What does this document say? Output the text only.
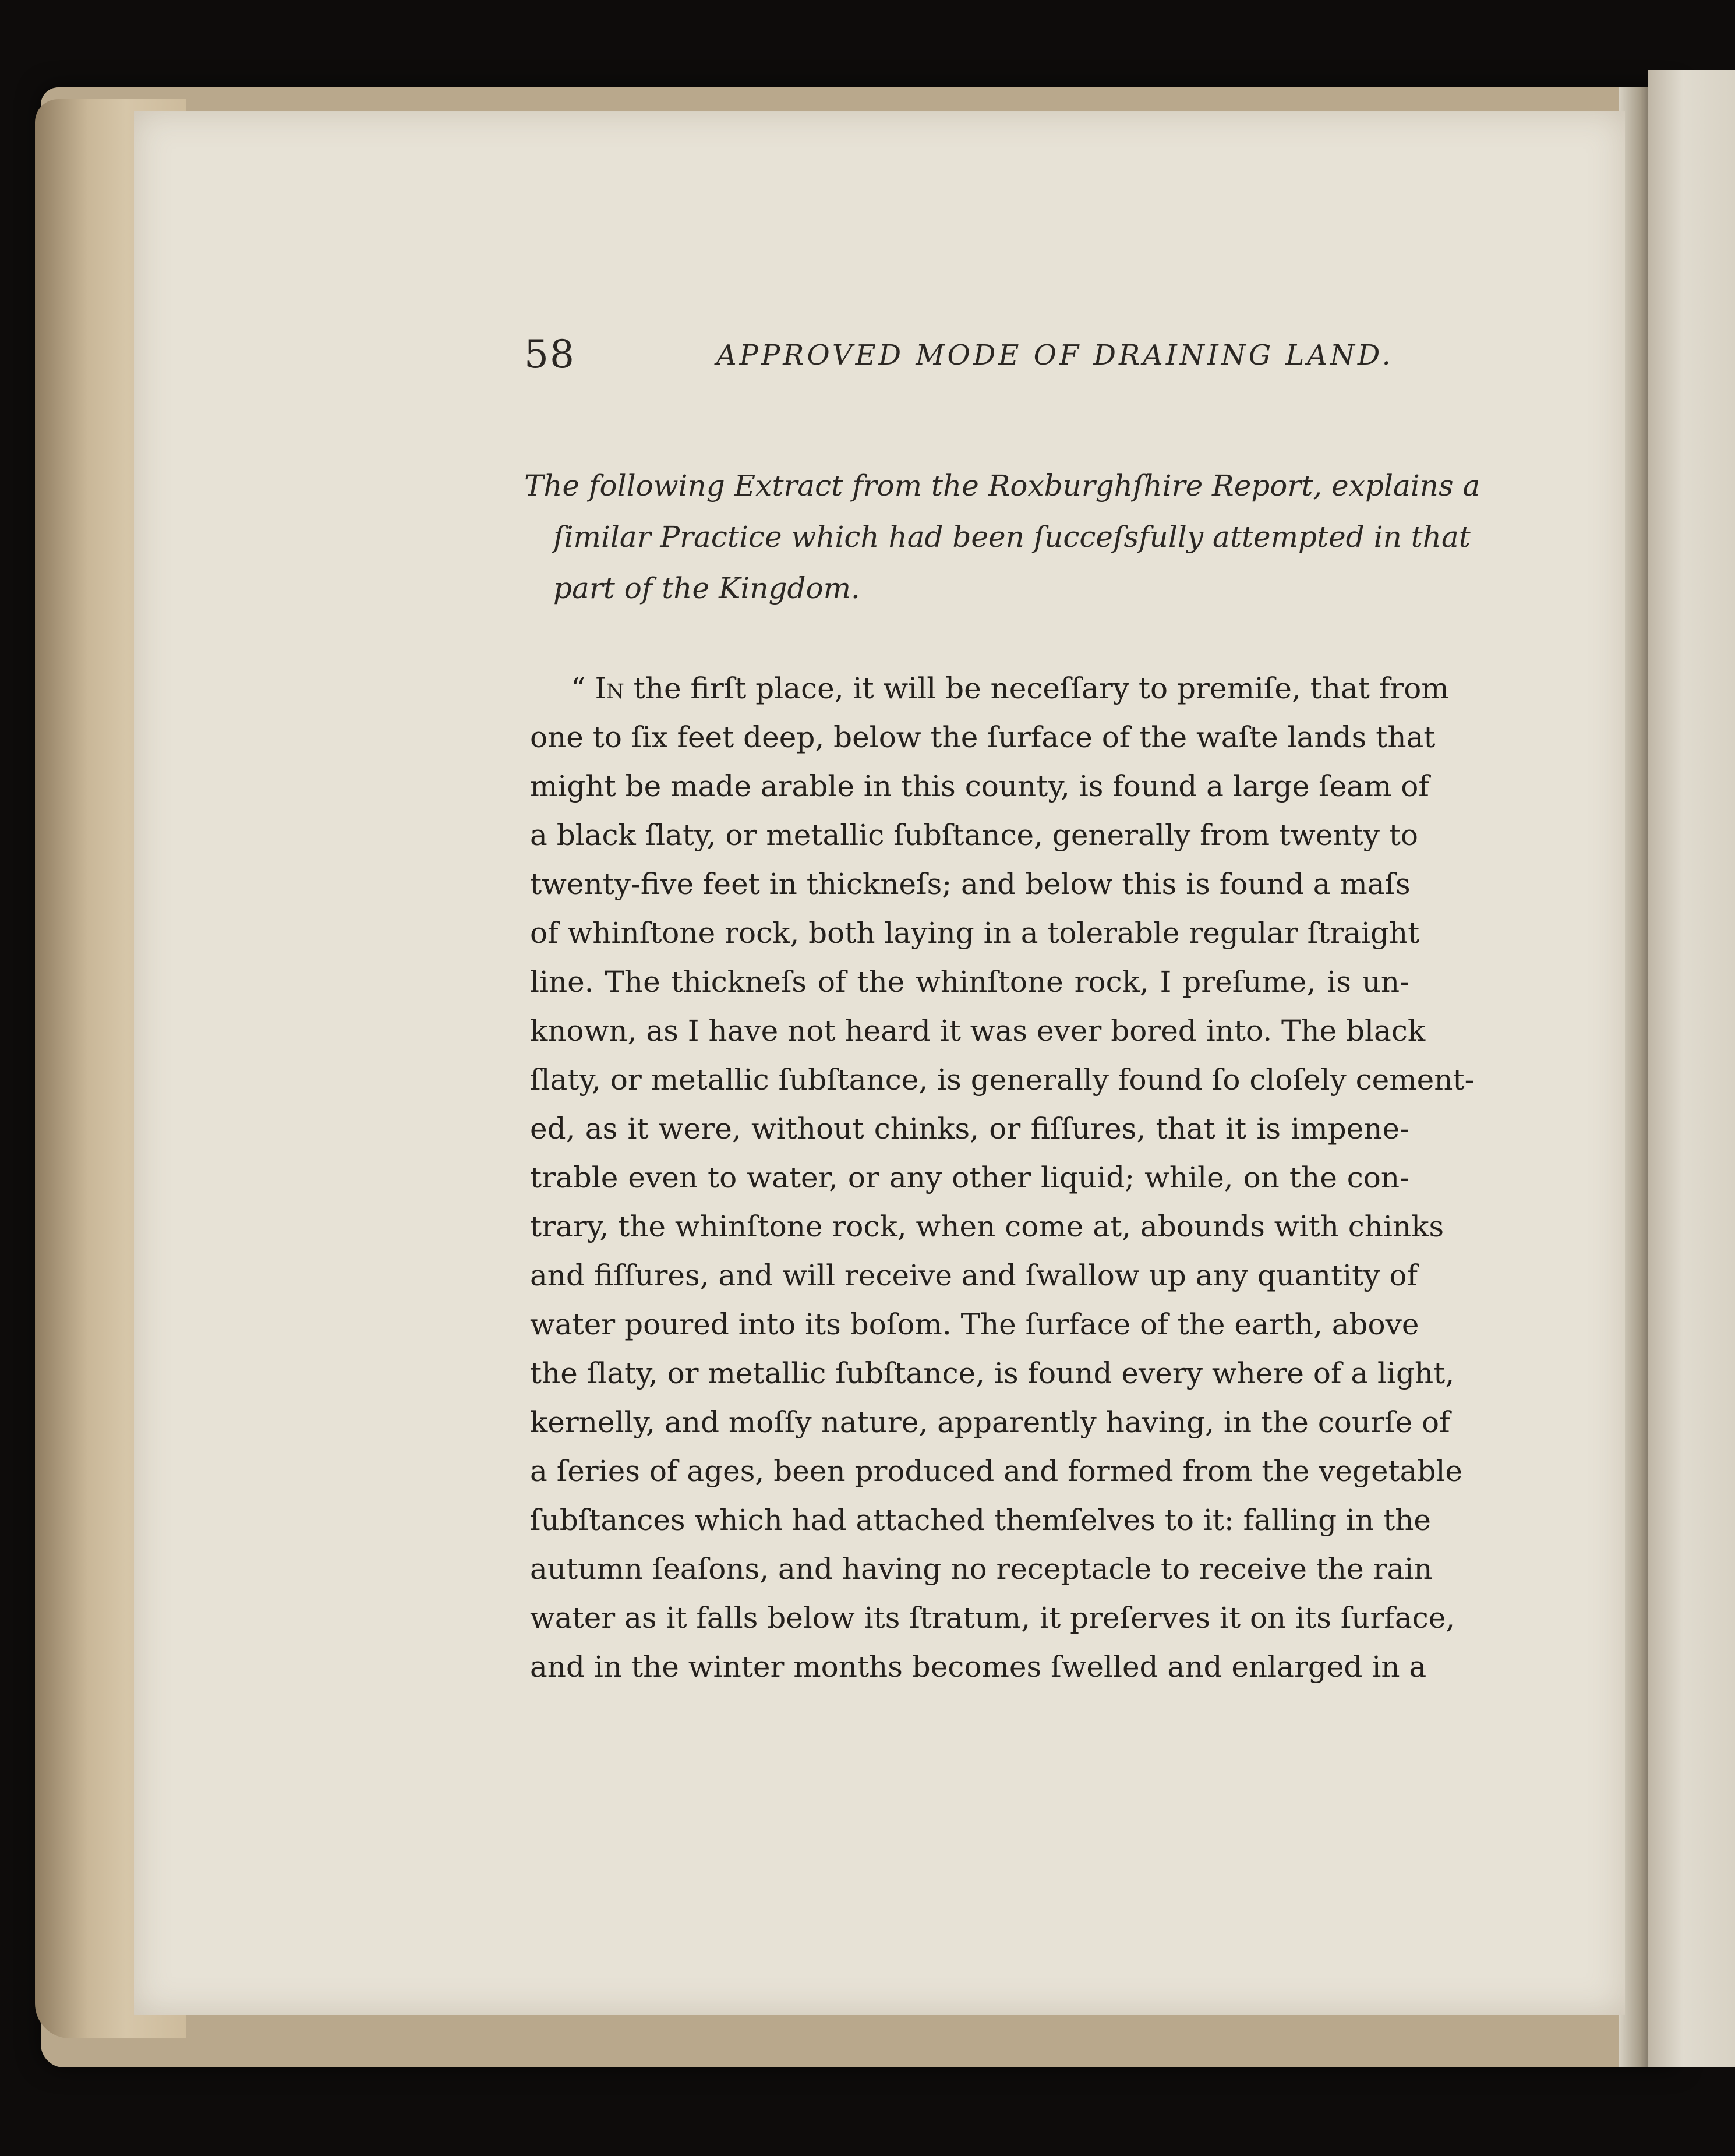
58	APPROVED MODE OF DRAINING LAND.
The following Extract from the Roxburghſhire Report, explains a
ſimilar Practice which had been ſucceſsfully attempted in that
part of the Kingdom.
“ In the firſt place, it will be neceſſary to premiſe, that from
one to ſix feet deep, below the ſurface of the waſte lands that
might be made arable in this county, is found a large ſeam of
a black ſlaty, or metallic ſubſtance, generally from twenty to
twenty-five feet in thickneſs; and below this is found a maſs
of whinſtone rock, both laying in a tolerable regular ſtraight
line. The thickneſs of the whinſtone rock, I preſume, is un-
known, as I have not heard it was ever bored into. The black
ſlaty, or metallic ſubſtance, is generally found ſo cloſely cement-
ed, as it were, without chinks, or fiſſures, that it is impene-
trable even to water, or any other liquid; while, on the con-
trary, the whinſtone rock, when come at, abounds with chinks
and fiſſures, and will receive and ſwallow up any quantity of
water poured into its boſom. The ſurface of the earth, above
the ſlaty, or metallic ſubſtance, is found every where of a light,
kernelly, and moſſy nature, apparently having, in the courſe of
a ſeries of ages, been produced and formed from the vegetable
ſubſtances which had attached themſelves to it: falling in the
autumn ſeaſons, and having no receptacle to receive the rain
water as it falls below its ſtratum, it preſerves it on its ſurface,
and in the winter months becomes ſwelled and enlarged in a
